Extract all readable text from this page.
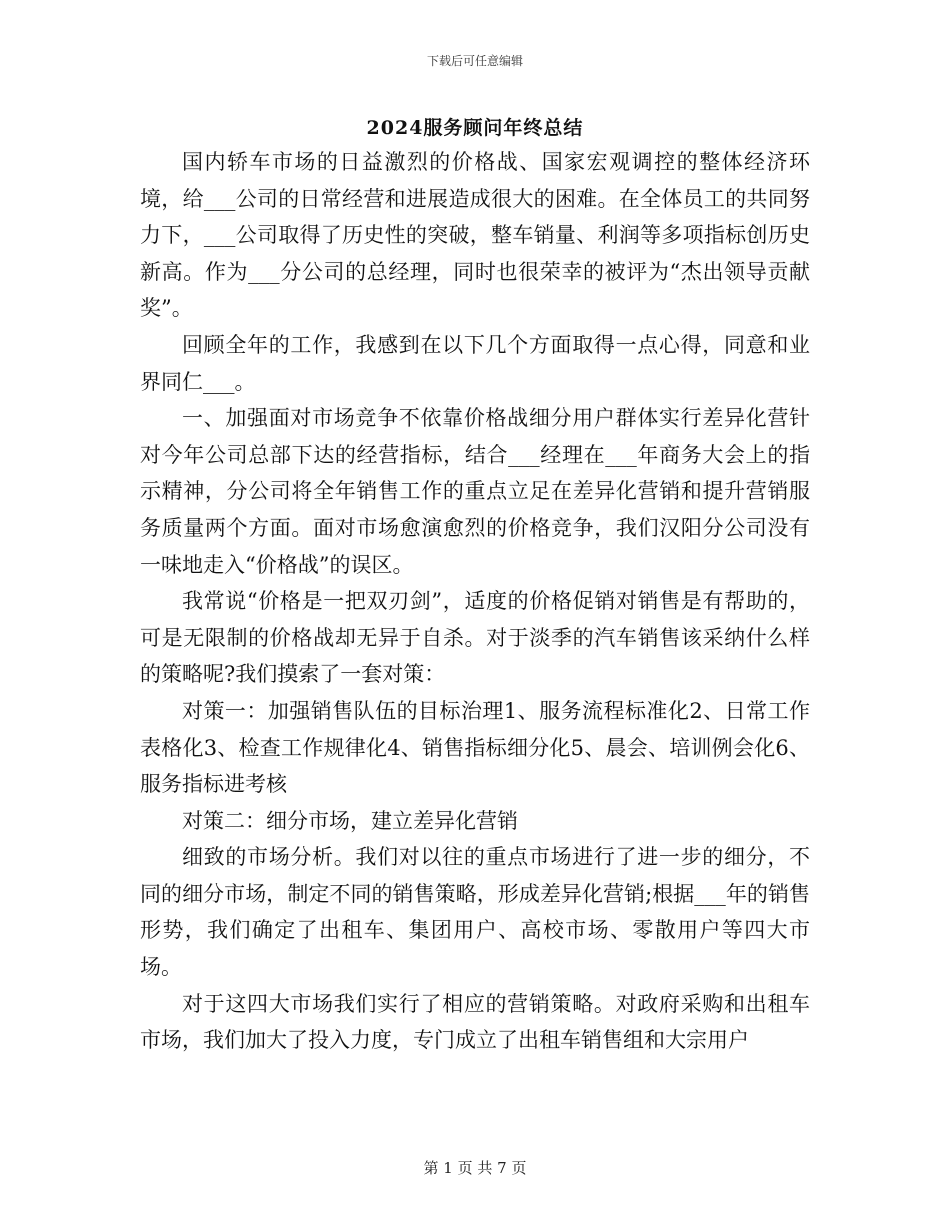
下载后可任意编辑
2024服务顾问年终总结

国内轿车市场的日益激烈的价格战、国家宏观调控的整体经济环境，给___公司的日常经营和进展造成很大的困难。在全体员工的共同努力下，___公司取得了历史性的突破，整车销量、利润等多项指标创历史新高。作为___分公司的总经理，同时也很荣幸的被评为“杰出领导贡献奖”。

回顾全年的工作，我感到在以下几个方面取得一点心得，同意和业界同仁___。

一、加强面对市场竞争不依靠价格战细分用户群体实行差异化营针对今年公司总部下达的经营指标，结合___经理在___年商务大会上的指示精神，分公司将全年销售工作的重点立足在差异化营销和提升营销服务质量两个方面。面对市场愈演愈烈的价格竞争，我们汉阳分公司没有一味地走入“价格战”的误区。

我常说“价格是一把双刃剑”，适度的价格促销对销售是有帮助的，可是无限制的价格战却无异于自杀。对于淡季的汽车销售该采纳什么样的策略呢?我们摸索了一套对策：

对策一：加强销售队伍的目标治理1、服务流程标准化2、日常工作表格化3、检查工作规律化4、销售指标细分化5、晨会、培训例会化6、服务指标进考核

对策二：细分市场，建立差异化营销

细致的市场分析。我们对以往的重点市场进行了进一步的细分，不同的细分市场，制定不同的销售策略，形成差异化营销;根据___年的销售形势，我们确定了出租车、集团用户、高校市场、零散用户等四大市场。

对于这四大市场我们实行了相应的营销策略。对政府采购和出租车市场，我们加大了投入力度，专门成立了出租车销售组和大宗用户

第 1 页 共 7 页
